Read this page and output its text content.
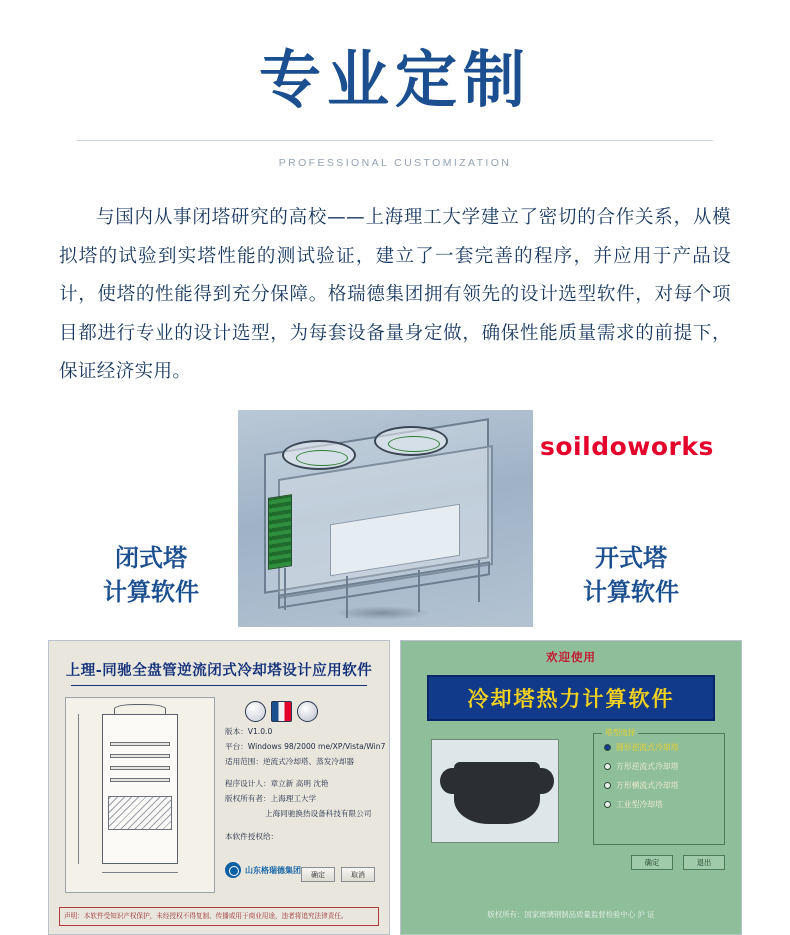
专业定制
PROFESSIONAL CUSTOMIZATION

与国内从事闭塔研究的高校——上海理工大学建立了密切的合作关系，从模拟塔的试验到实塔性能的测试验证，建立了一套完善的程序，并应用于产品设计，使塔的性能得到充分保障。格瑞德集团拥有领先的设计选型软件，对每个项目都进行专业的设计选型，为每套设备量身定做，确保性能质量需求的前提下，保证经济实用。

soildoworks
闭式塔
计算软件
开式塔
计算软件
上理-同驰全盘管逆流闭式冷却塔设计应用软件
版本：V1.0.0
平台：Windows 98/2000 me/XP/Vista/Win7
适用范围：逆流式冷却塔、蒸发冷却器
程序设计人：章立新 高明 沈艳
版权所有者：上海理工大学
上海同驰换热设备科技有限公司
本软件授权给：
山东格瑞德集团	确定	取消
声明：本软件受知识产权保护，未经授权不得复制、传播或用于商业用途，违者将追究法律责任。
欢迎使用
冷却塔热力计算软件
塔型选择
圆形逆流式冷却塔
方形逆流式冷却塔
方形横流式冷却塔
工业型冷却塔
确定	退出
版权所有：国家玻璃钢制品质量监督检验中心 沪 证
